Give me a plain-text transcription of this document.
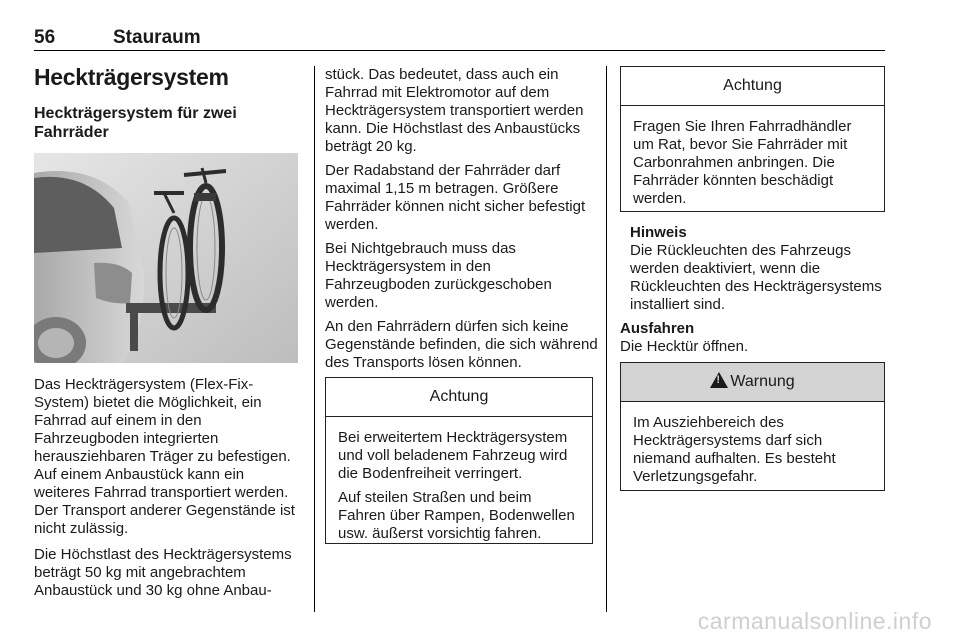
56	Stauraum
Heckträgersystem
Heckträgersystem für zwei Fahrräder

Das Heckträgersystem (Flex-Fix-System) bietet die Möglichkeit, ein Fahrrad auf einem in den Fahrzeugboden integrierten herausziehbaren Träger zu befestigen. Auf einem Anbaustück kann ein weiteres Fahrrad transportiert werden. Der Transport anderer Gegenstände ist nicht zulässig.

Die Höchstlast des Heckträgersystems beträgt 50 kg mit angebrachtem Anbaustück und 30 kg ohne Anbau-

stück. Das bedeutet, dass auch ein Fahrrad mit Elektromotor auf dem Heckträgersystem transportiert werden kann. Die Höchstlast des Anbaustücks beträgt 20 kg.

Der Radabstand der Fahrräder darf maximal 1,15 m betragen. Größere Fahrräder können nicht sicher befestigt werden.

Bei Nichtgebrauch muss das Heckträgersystem in den Fahrzeugboden zurückgeschoben werden.

An den Fahrrädern dürfen sich keine Gegenstände befinden, die sich während des Transports lösen können.

Achtung

Bei erweitertem Heckträgersystem und voll beladenem Fahrzeug wird die Bodenfreiheit verringert.

Auf steilen Straßen und beim Fahren über Rampen, Bodenwellen usw. äußerst vorsichtig fahren.

Achtung

Fragen Sie Ihren Fahrradhändler um Rat, bevor Sie Fahrräder mit Carbonrahmen anbringen. Die Fahrräder könnten beschädigt werden.

Hinweis
Die Rückleuchten des Fahrzeugs werden deaktiviert, wenn die Rückleuchten des Heckträgersystems installiert sind.
Ausfahren
Die Hecktür öffnen.
!Warnung

Im Ausziehbereich des Heckträgersystems darf sich niemand aufhalten. Es besteht Verletzungsgefahr.

carmanualsonline.info
